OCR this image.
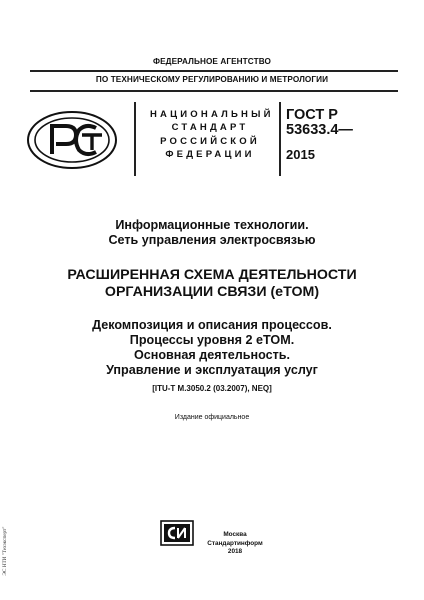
ФЕДЕРАЛЬНОЕ АГЕНТСТВО
ПО ТЕХНИЧЕСКОМУ РЕГУЛИРОВАНИЮ И МЕТРОЛОГИИ
НАЦИОНАЛЬНЫЙ
СТАНДАРТ
РОССИЙСКОЙ
ФЕДЕРАЦИИ
ГОСТ Р
53633.4—
2015
Информационные технологии.
Сеть управления электросвязью
РАСШИРЕННАЯ СХЕМА ДЕЯТЕЛЬНОСТИ
ОРГАНИЗАЦИИ СВЯЗИ (eTOM)
Декомпозиция и описания процессов.
Процессы уровня 2 eTOM.
Основная деятельность.
Управление и эксплуатация услуг
[ITU-T M.3050.2 (03.2007), NEQ]
Издание официальное
Москва
Стандартинформ
2018
ЭС НТИ "Техэксперт"
